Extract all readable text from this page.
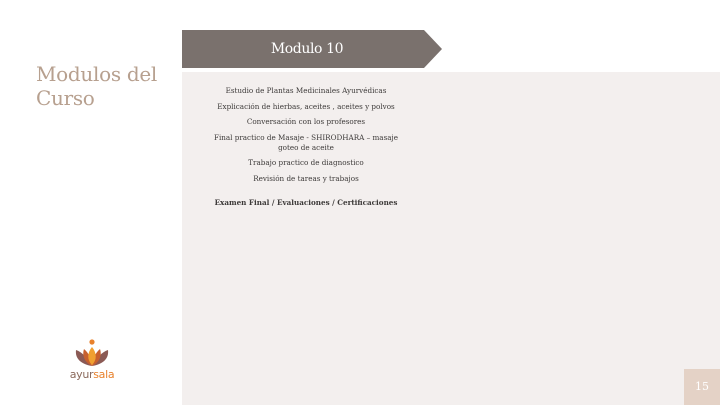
Modulos del Curso
Modulo 10
Estudio de Plantas Medicinales Ayurvédicas
Explicación de hierbas, aceites , aceites y polvos
Conversación con los profesores
Final practico de Masaje - SHIRODHARA – masaje goteo de aceite
Trabajo practico de diagnostico
Revisión de tareas y trabajos
Examen Final / Evaluaciones / Certificaciones
ayursala
15
